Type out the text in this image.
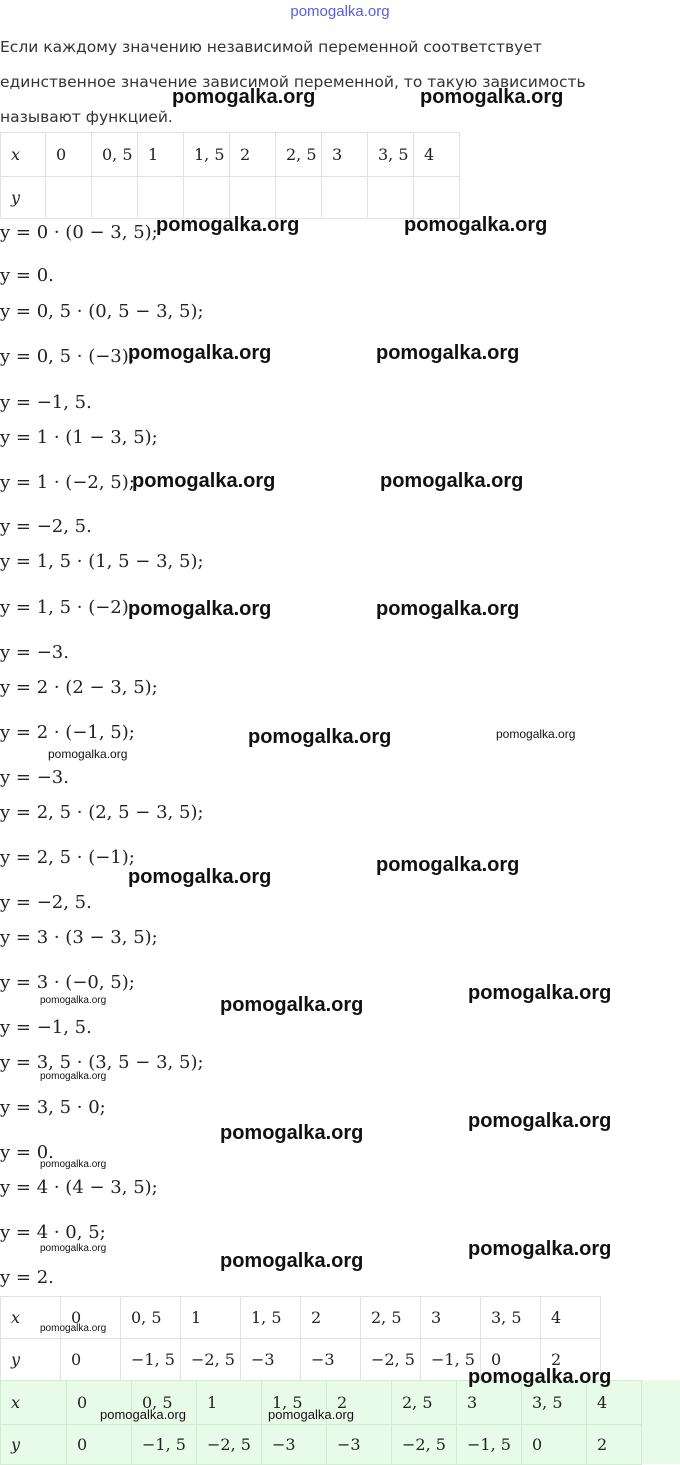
pomogalka.org

Если каждому значению независимой переменной соответствует

единственное значение зависимой переменной, то такую зависимость

называют функцией.

x	0	0, 5	1	1, 5	2	2, 5	3	3, 5	4
y									
y = 0 · (0 − 3, 5);
y = 0.
y = 0, 5 · (0, 5 − 3, 5);
y = 0, 5 · (−3);
y = −1, 5.
y = 1 · (1 − 3, 5);
y = 1 · (−2, 5);
y = −2, 5.
y = 1, 5 · (1, 5 − 3, 5);
y = 1, 5 · (−2);
y = −3.
y = 2 · (2 − 3, 5);
y = 2 · (−1, 5);
y = −3.
y = 2, 5 · (2, 5 − 3, 5);
y = 2, 5 · (−1);
y = −2, 5.
y = 3 · (3 − 3, 5);
y = 3 · (−0, 5);
y = −1, 5.
y = 3, 5 · (3, 5 − 3, 5);
y = 3, 5 · 0;
y = 0.
y = 4 · (4 − 3, 5);
y = 4 · 0, 5;
y = 2.
x	0	0, 5	1	1, 5	2	2, 5	3	3, 5	4
y	0	−1, 5	−2, 5	−3	−3	−2, 5	−1, 5	0	2
x	0	0, 5	1	1, 5	2	2, 5	3	3, 5	4
y	0	−1, 5	−2, 5	−3	−3	−2, 5	−1, 5	0	2
pomogalka.org	pomogalka.org
pomogalka.org	pomogalka.org
pomogalka.org	pomogalka.org
pomogalka.org	pomogalka.org
pomogalka.org	pomogalka.org
pomogalka.org	pomogalka.org
pomogalka.org
pomogalka.org
pomogalka.org
pomogalka.org
pomogalka.org
pomogalka.org
pomogalka.org
pomogalka.org
pomogalka.org
pomogalka.org
pomogalka.org	pomogalka.org
pomogalka.org
pomogalka.org
pomogalka.org
pomogalka.org	pomogalka.org
